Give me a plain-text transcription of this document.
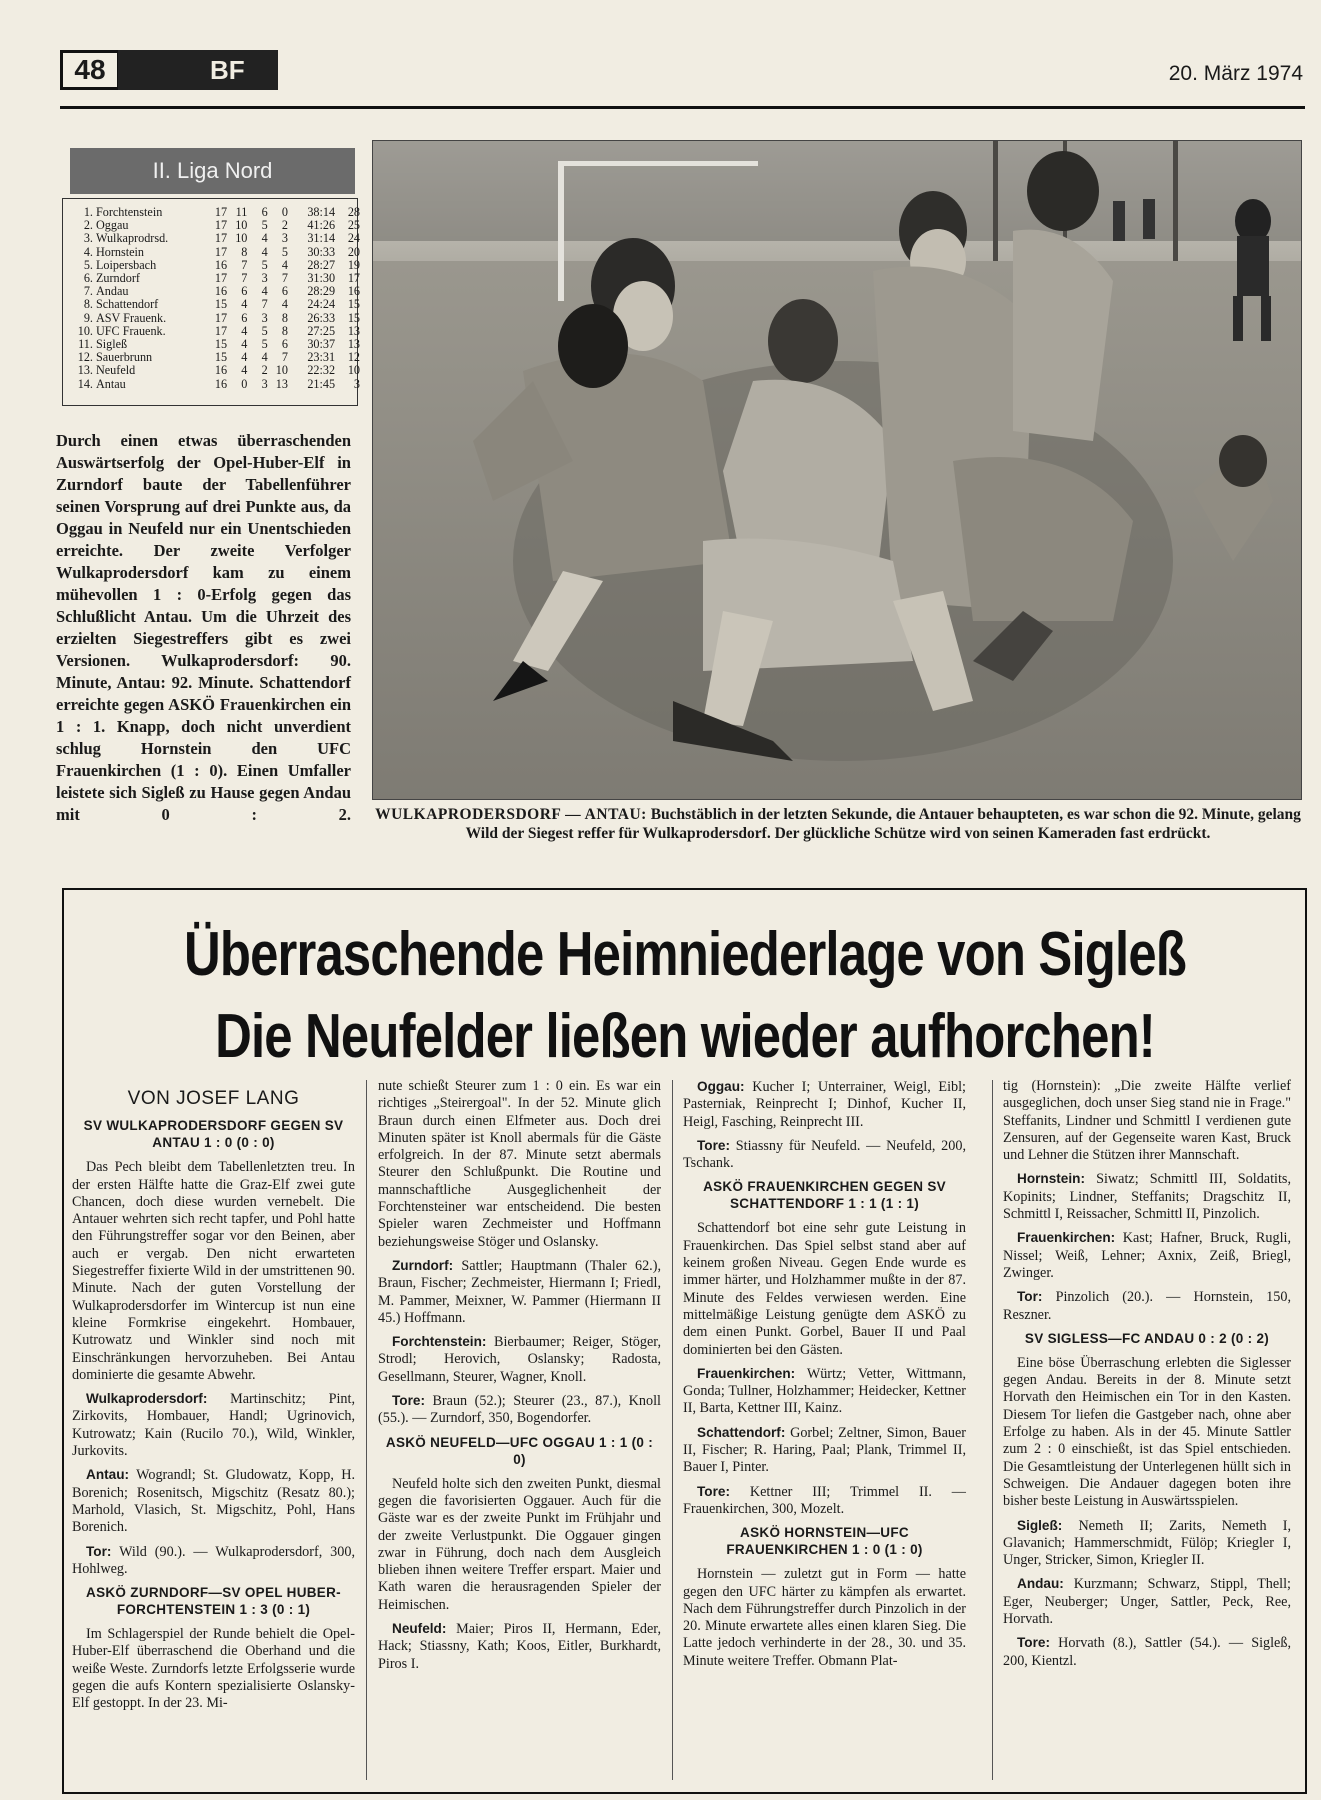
48	BF	20. März 1974
II. Liga Nord
1.	Forchtenstein	17	11	6	0	38:14	28
2.	Oggau	17	10	5	2	41:26	25
3.	Wulkaprodrsd.	17	10	4	3	31:14	24
4.	Hornstein	17	8	4	5	30:33	20
5.	Loipersbach	16	7	5	4	28:27	19
6.	Zurndorf	17	7	3	7	31:30	17
7.	Andau	16	6	4	6	28:29	16
8.	Schattendorf	15	4	7	4	24:24	15
9.	ASV Frauenk.	17	6	3	8	26:33	15
10.	UFC Frauenk.	17	4	5	8	27:25	13
11.	Sigleß	15	4	5	6	30:37	13
12.	Sauerbrunn	15	4	4	7	23:31	12
13.	Neufeld	16	4	2	10	22:32	10
14.	Antau	16	0	3	13	21:45	3
Durch einen etwas überraschenden Auswärtserfolg der Opel-Huber-Elf in Zurndorf baute der Tabellenführer seinen Vorsprung auf drei Punkte aus, da Oggau in Neufeld nur ein Unentschieden erreichte. Der zweite Verfolger Wulkaprodersdorf kam zu einem mühevollen 1 : 0-Erfolg gegen das Schlußlicht Antau. Um die Uhrzeit des erzielten Siegestreffers gibt es zwei Versionen. Wulkaprodersdorf: 90. Minute, Antau: 92. Minute. Schattendorf erreichte gegen ASKÖ Frauenkirchen ein 1 : 1. Knapp, doch nicht unverdient schlug Hornstein den UFC Frauenkirchen (1 : 0). Einen Umfaller leistete sich Sigleß zu Hause gegen Andau mit 0 : 2. WULKAPRODERSDORF — ANTAU: Buchstäblich in der letzten Sekunde, die Antauer behaupteten, es war schon die 92. Minute, gelang Wild der Siegest reffer für Wulkaprodersdorf. Der glückliche Schütze wird von seinen Kameraden fast erdrückt.
Überraschende Heimniederlage von Sigleß
Die Neufelder ließen wieder aufhorchen!
VON JOSEF LANG
SV WULKAPRODERSDORF GEGEN SV ANTAU 1 : 0 (0 : 0)

Das Pech bleibt dem Tabellenletzten treu. In der ersten Hälfte hatte die Graz-Elf zwei gute Chancen, doch diese wurden vernebelt. Die Antauer wehrten sich recht tapfer, und Pohl hatte den Führungstreffer sogar vor den Beinen, aber auch er vergab. Den nicht erwarteten Siegestreffer fixierte Wild in der umstrittenen 90. Minute. Nach der guten Vorstellung der Wulkaprodersdorfer im Wintercup ist nun eine kleine Formkrise eingekehrt. Hombauer, Kutrowatz und Winkler sind noch mit Einschränkungen hervorzuheben. Bei Antau dominierte die gesamte Abwehr.

Wulkaprodersdorf: Martinschitz; Pint, Zirkovits, Hombauer, Handl; Ugrinovich, Kutrowatz; Kain (Rucilo 70.), Wild, Winkler, Jurkovits.

Antau: Wograndl; St. Gludowatz, Kopp, H. Borenich; Rosenitsch, Migschitz (Resatz 80.); Marhold, Vlasich, St. Migschitz, Pohl, Hans Borenich.

Tor: Wild (90.). — Wulkaprodersdorf, 300, Hohlweg.

ASKÖ ZURNDORF—SV OPEL HUBER-FORCHTENSTEIN 1 : 3 (0 : 1)

Im Schlagerspiel der Runde behielt die Opel-Huber-Elf überraschend die Oberhand und die weiße Weste. Zurndorfs letzte Erfolgsserie wurde gegen die aufs Kontern spezialisierte Oslansky-Elf gestoppt. In der 23. Mi-

nute schießt Steurer zum 1 : 0 ein. Es war ein richtiges „Steirergoal". In der 52. Minute glich Braun durch einen Elfmeter aus. Doch drei Minuten später ist Knoll abermals für die Gäste erfolgreich. In der 87. Minute setzt abermals Steurer den Schlußpunkt. Die Routine und mannschaftliche Ausgeglichenheit der Forchtensteiner war entscheidend. Die besten Spieler waren Zechmeister und Hoffmann beziehungsweise Stöger und Oslansky.

Zurndorf: Sattler; Hauptmann (Thaler 62.), Braun, Fischer; Zechmeister, Hiermann I; Friedl, M. Pammer, Meixner, W. Pammer (Hiermann II 45.) Hoffmann.

Forchtenstein: Bierbaumer; Reiger, Stöger, Strodl; Herovich, Oslansky; Radosta, Gesellmann, Steurer, Wagner, Knoll.

Tore: Braun (52.); Steurer (23., 87.), Knoll (55.). — Zurndorf, 350, Bogendorfer.

ASKÖ NEUFELD—UFC OGGAU 1 : 1 (0 : 0)

Neufeld holte sich den zweiten Punkt, diesmal gegen die favorisierten Oggauer. Auch für die Gäste war es der zweite Punkt im Frühjahr und der zweite Verlustpunkt. Die Oggauer gingen zwar in Führung, doch nach dem Ausgleich blieben ihnen weitere Treffer erspart. Maier und Kath waren die herausragenden Spieler der Heimischen.

Neufeld: Maier; Piros II, Hermann, Eder, Hack; Stiassny, Kath; Koos, Eitler, Burkhardt, Piros I.

Oggau: Kucher I; Unterrainer, Weigl, Eibl; Pasterniak, Reinprecht I; Dinhof, Kucher II, Heigl, Fasching, Reinprecht III.

Tore: Stiassny für Neufeld. — Neufeld, 200, Tschank.

ASKÖ FRAUENKIRCHEN GEGEN SV SCHATTENDORF 1 : 1 (1 : 1)

Schattendorf bot eine sehr gute Leistung in Frauenkirchen. Das Spiel selbst stand aber auf keinem großen Niveau. Gegen Ende wurde es immer härter, und Holzhammer mußte in der 87. Minute des Feldes verwiesen werden. Eine mittelmäßige Leistung genügte dem ASKÖ zu dem einen Punkt. Gorbel, Bauer II und Paal dominierten bei den Gästen.

Frauenkirchen: Würtz; Vetter, Wittmann, Gonda; Tullner, Holzhammer; Heidecker, Kettner II, Barta, Kettner III, Kainz.

Schattendorf: Gorbel; Zeltner, Simon, Bauer II, Fischer; R. Haring, Paal; Plank, Trimmel II, Bauer I, Pinter.

Tore: Kettner III; Trimmel II. — Frauenkirchen, 300, Mozelt.

ASKÖ HORNSTEIN—UFC FRAUENKIRCHEN 1 : 0 (1 : 0)

Hornstein — zuletzt gut in Form — hatte gegen den UFC härter zu kämpfen als erwartet. Nach dem Führungstreffer durch Pinzolich in der 20. Minute erwartete alles einen klaren Sieg. Die Latte jedoch verhinderte in der 28., 30. und 35. Minute weitere Treffer. Obmann Plat-

tig (Hornstein): „Die zweite Hälfte verlief ausgeglichen, doch unser Sieg stand nie in Frage." Steffanits, Lindner und Schmittl I verdienen gute Zensuren, auf der Gegenseite waren Kast, Bruck und Lehner die Stützen ihrer Mannschaft.

Hornstein: Siwatz; Schmittl III, Soldatits, Kopinits; Lindner, Steffanits; Dragschitz II, Schmittl I, Reissacher, Schmittl II, Pinzolich.

Frauenkirchen: Kast; Hafner, Bruck, Rugli, Nissel; Weiß, Lehner; Axnix, Zeiß, Briegl, Zwinger.

Tor: Pinzolich (20.). — Hornstein, 150, Reszner.

SV SIGLESS—FC ANDAU 0 : 2 (0 : 2)

Eine böse Überraschung erlebten die Siglesser gegen Andau. Bereits in der 8. Minute setzt Horvath den Heimischen ein Tor in den Kasten. Diesem Tor liefen die Gastgeber nach, ohne aber Erfolge zu haben. Als in der 45. Minute Sattler zum 2 : 0 einschießt, ist das Spiel entschieden. Die Gesamtleistung der Unterlegenen hüllt sich in Schweigen. Die Andauer dagegen boten ihre bisher beste Leistung in Auswärtsspielen.

Sigleß: Nemeth II; Zarits, Nemeth I, Glavanich; Hammerschmidt, Fülöp; Kriegler I, Unger, Stricker, Simon, Kriegler II.

Andau: Kurzmann; Schwarz, Stippl, Thell; Eger, Neuberger; Unger, Sattler, Peck, Ree, Horvath.

Tore: Horvath (8.), Sattler (54.). — Sigleß, 200, Kientzl.
